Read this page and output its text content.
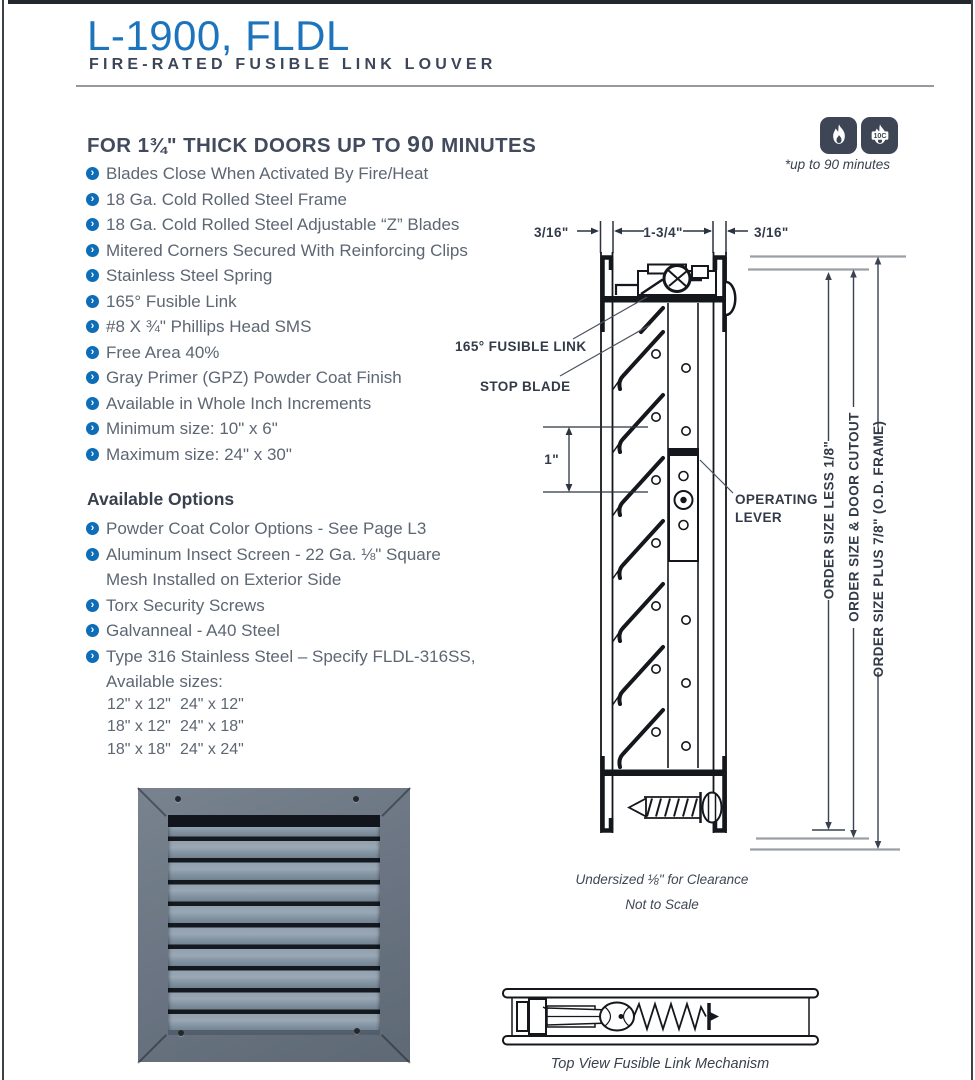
L-1900, FLDL
FIRE-RATED FUSIBLE LINK LOUVER
FOR 1¾" THICK DOORS UP TO 90 MINUTES	10C
*up to 90 minutes
› Blades Close When Activated By Fire/Heat
› 18 Ga. Cold Rolled Steel Frame
› 18 Ga. Cold Rolled Steel Adjustable “Z” Blades
› Mitered Corners Secured With Reinforcing Clips
› Stainless Steel Spring
› 165° Fusible Link
› #8 X ¾" Phillips Head SMS
› Free Area 40%
› Gray Primer (GPZ) Powder Coat Finish
› Available in Whole Inch Increments
› Minimum size: 10" x 6"
› Maximum size: 24" x 30"
Available Options
› Powder Coat Color Options - See Page L3
› Aluminum Insect Screen - 22 Ga. ⅛" Square
Mesh Installed on Exterior Side
› Torx Security Screws
› Galvanneal - A40 Steel
› Type 316 Stainless Steel – Specify FLDL-316SS,
Available sizes:
12" x 12" 24" x 12"
18" x 12" 24" x 18"
18" x 18" 24" x 24"
3/16"	1-3/4"	3/16"
165° FUSIBLE LINK
STOP BLADE
OPERATING
LEVER
1"	ORDER SIZE LESS 1/8" ORDER SIZE & DOOR CUTOUT ORDER SIZE PLUS 7/8" (O.D. FRAME)
Undersized ⅛" for Clearance
Not to Scale
Top View Fusible Link Mechanism
